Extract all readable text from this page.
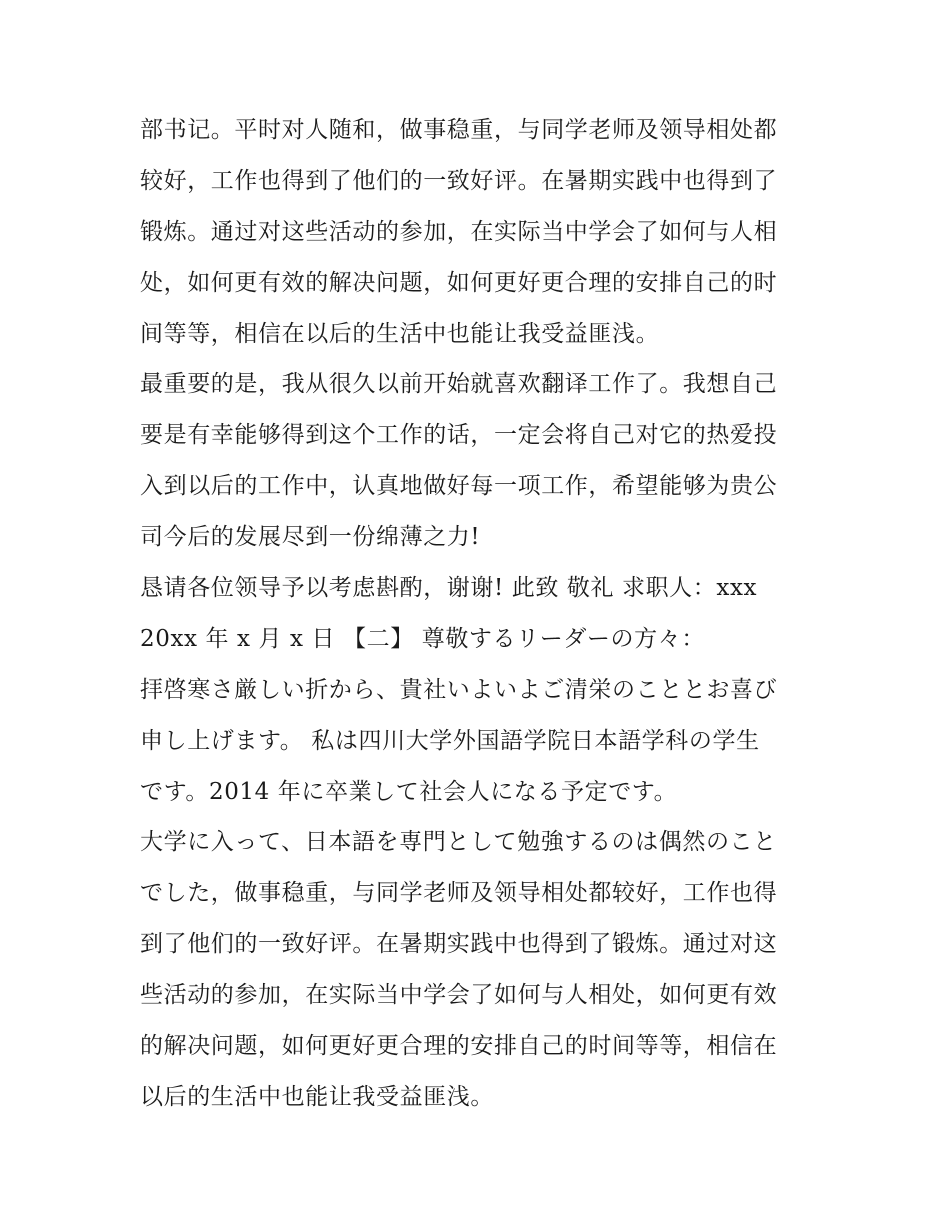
部书记。平时对人随和，做事稳重，与同学老师及领导相处都
较好，工作也得到了他们的一致好评。在暑期实践中也得到了
锻炼。通过对这些活动的参加，在实际当中学会了如何与人相
处，如何更有效的解决问题，如何更好更合理的安排自己的时
间等等，相信在以后的生活中也能让我受益匪浅。
最重要的是，我从很久以前开始就喜欢翻译工作了。我想自己
要是有幸能够得到这个工作的话，一定会将自己对它的热爱投
入到以后的工作中，认真地做好每一项工作，希望能够为贵公
司今后的发展尽到一份绵薄之力!
恳请各位领导予以考虑斟酌，谢谢! 此致 敬礼 求职人：xxx
20xx 年 x 月 x 日 【二】 尊敬するリーダーの方々：
拝啓寒さ厳しい折から、貴社いよいよご清栄のこととお喜び
申し上げます。 私は四川大学外国語学院日本語学科の学生
です。2014 年に卒業して社会人になる予定です。
大学に入って、日本語を専門として勉強するのは偶然のこと
でした，做事稳重，与同学老师及领导相处都较好，工作也得
到了他们的一致好评。在暑期实践中也得到了锻炼。通过对这
些活动的参加，在实际当中学会了如何与人相处，如何更有效
的解决问题，如何更好更合理的安排自己的时间等等，相信在
以后的生活中也能让我受益匪浅。
